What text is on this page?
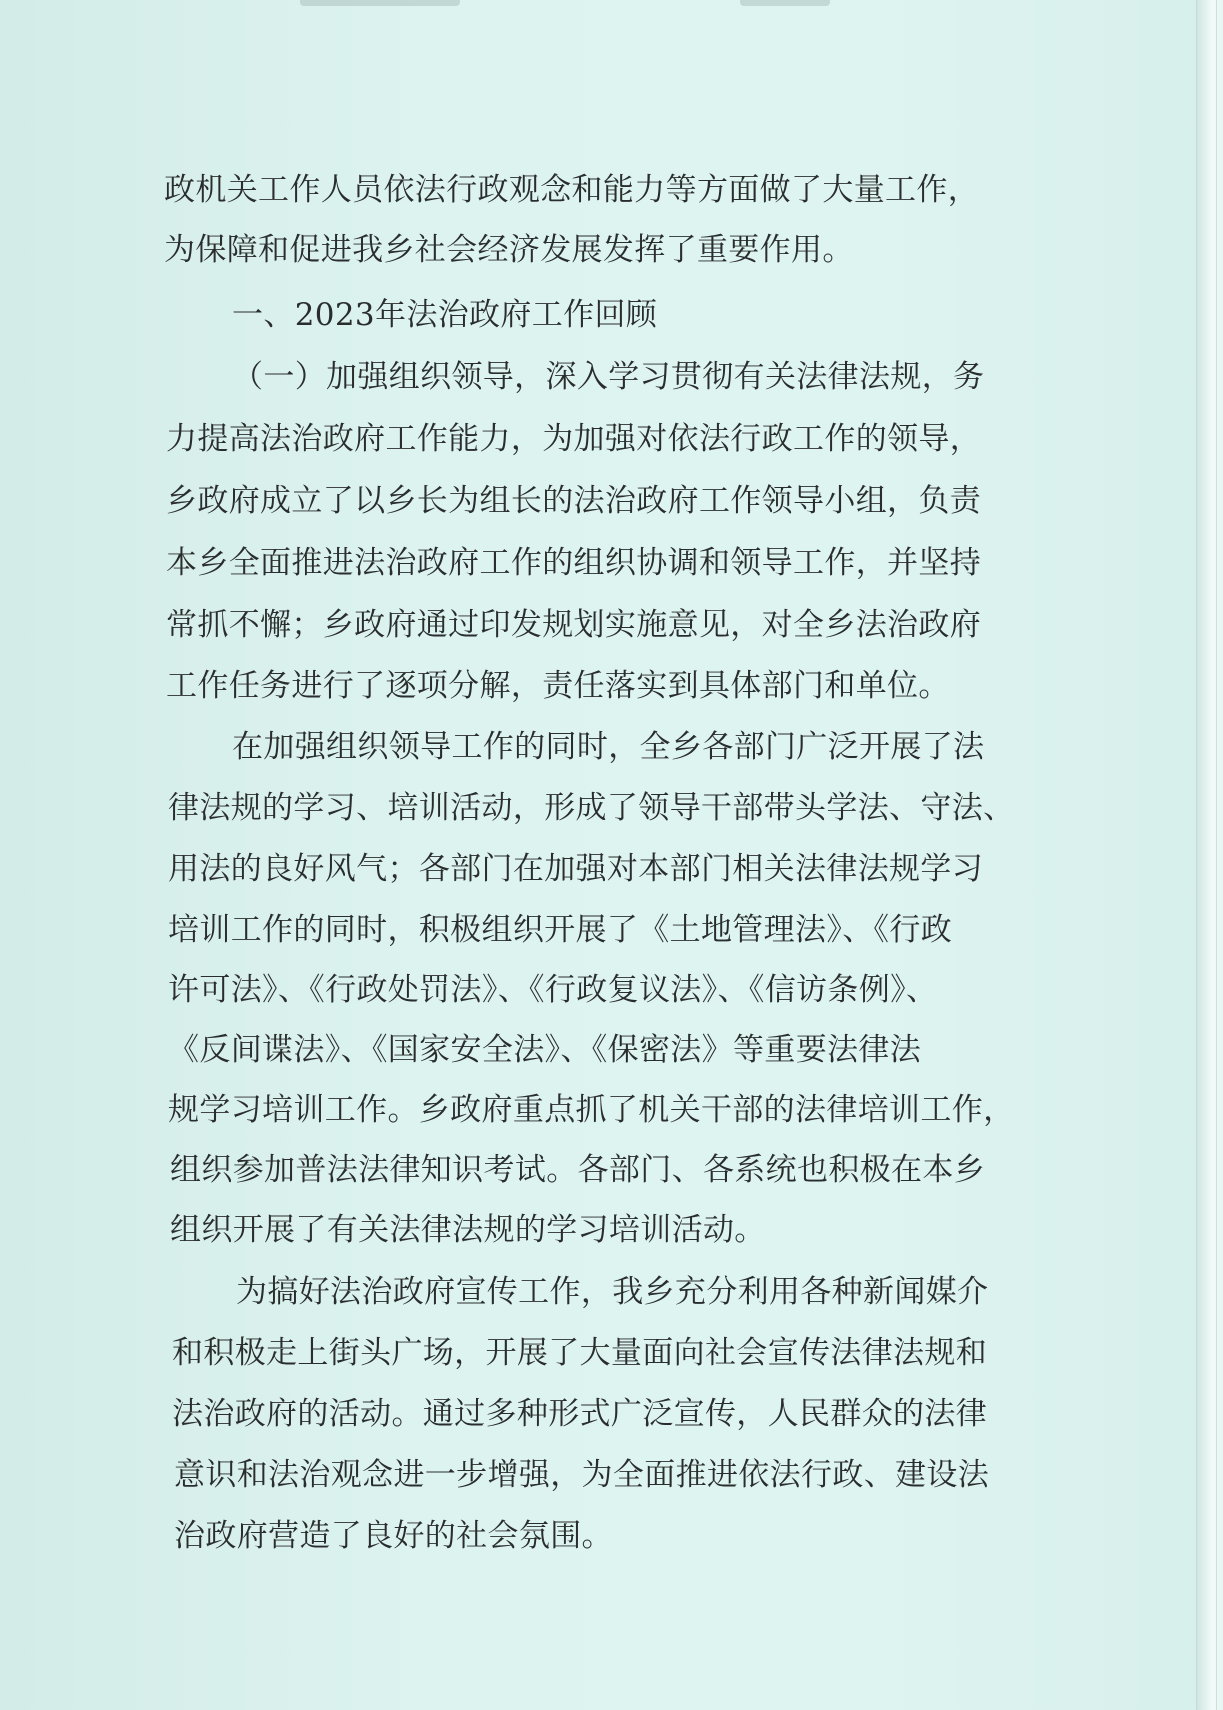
政机关工作人员依法行政观念和能力等方面做了大量工作，
为保障和促进我乡社会经济发展发挥了重要作用。
一、2023年法治政府工作回顾
（一）加强组织领导，深入学习贯彻有关法律法规，务
力提高法治政府工作能力，为加强对依法行政工作的领导，
乡政府成立了以乡长为组长的法治政府工作领导小组，负责
本乡全面推进法治政府工作的组织协调和领导工作，并坚持
常抓不懈；乡政府通过印发规划实施意见，对全乡法治政府
工作任务进行了逐项分解，责任落实到具体部门和单位。
在加强组织领导工作的同时，全乡各部门广泛开展了法
律法规的学习、培训活动，形成了领导干部带头学法、守法、
用法的良好风气；各部门在加强对本部门相关法律法规学习
培训工作的同时，积极组织开展了《土地管理法》、《行政
许可法》、《行政处罚法》、《行政复议法》、《信访条例》、
《反间谍法》、《国家安全法》、《保密法》等重要法律法
规学习培训工作。乡政府重点抓了机关干部的法律培训工作，
组织参加普法法律知识考试。各部门、各系统也积极在本乡
组织开展了有关法律法规的学习培训活动。
为搞好法治政府宣传工作，我乡充分利用各种新闻媒介
和积极走上街头广场，开展了大量面向社会宣传法律法规和
法治政府的活动。通过多种形式广泛宣传，人民群众的法律
意识和法治观念进一步增强，为全面推进依法行政、建设法
治政府营造了良好的社会氛围。
